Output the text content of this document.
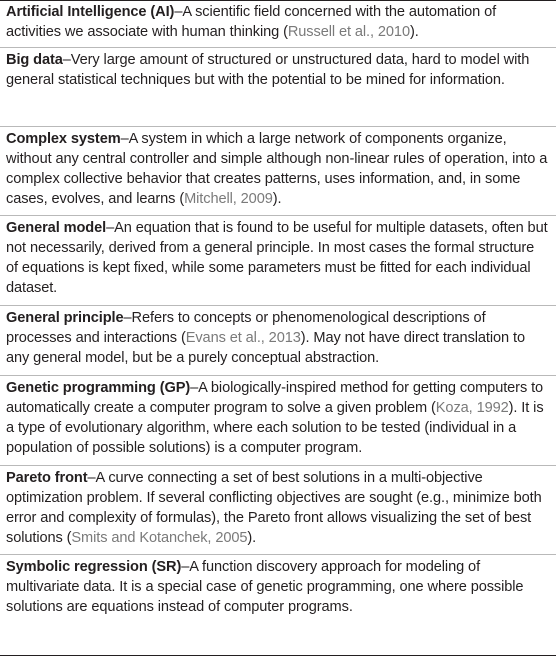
Artificial Intelligence (AI)–A scientific field concerned with the automation of activities we associate with human thinking (Russell et al., 2010).
Big data–Very large amount of structured or unstructured data, hard to model with general statistical techniques but with the potential to be mined for information.
Complex system–A system in which a large network of components organize, without any central controller and simple although non-linear rules of operation, into a complex collective behavior that creates patterns, uses information, and, in some cases, evolves, and learns (Mitchell, 2009).
General model–An equation that is found to be useful for multiple datasets, often but not necessarily, derived from a general principle. In most cases the formal structure of equations is kept fixed, while some parameters must be fitted for each individual dataset.
General principle–Refers to concepts or phenomenological descriptions of processes and interactions (Evans et al., 2013). May not have direct translation to any general model, but be a purely conceptual abstraction.
Genetic programming (GP)–A biologically-inspired method for getting computers to automatically create a computer program to solve a given problem (Koza, 1992). It is a type of evolutionary algorithm, where each solution to be tested (individual in a population of possible solutions) is a computer program.
Pareto front–A curve connecting a set of best solutions in a multi-objective optimization problem. If several conflicting objectives are sought (e.g., minimize both error and complexity of formulas), the Pareto front allows visualizing the set of best solutions (Smits and Kotanchek, 2005).
Symbolic regression (SR)–A function discovery approach for modeling of multivariate data. It is a special case of genetic programming, one where possible solutions are equations instead of computer programs.
